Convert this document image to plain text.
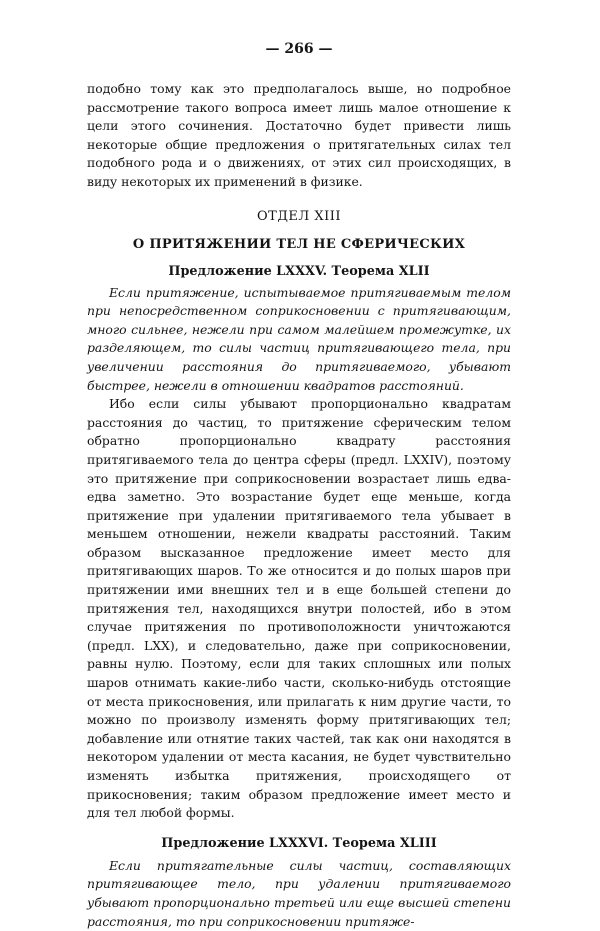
— 266 —

подобно тому как это предполагалось выше, но подробное рассмотрение такого вопроса имеет лишь малое отношение к цели этого сочинения. Достаточно будет привести лишь некоторые общие предложения о притягательных силах тел подобного рода и о движениях, от этих сил происходящих, в виду некоторых их применений в физике.

ОТДЕЛ XIII
О ПРИТЯЖЕНИИ ТЕЛ НЕ СФЕРИЧЕСКИХ
Предложение LXXXV. Теорема XLII

Если притяжение, испытываемое притягиваемым телом при непосредственном соприкосновении с притягивающим, много сильнее, нежели при самом малейшем промежутке, их разделяющем, то силы частиц притягивающего тела, при увеличении расстояния до притягиваемого, убывают быстрее, нежели в отношении квадратов расстояний.

Ибо если силы убывают пропорционально квадратам расстояния до частиц, то притяжение сферическим телом обратно пропорционально квадрату расстояния притягиваемого тела до центра сферы (предл. LXXIV), поэтому это притяжение при соприкосновении возрастает лишь едва-едва заметно. Это возрастание будет еще меньше, когда притяжение при удалении притягиваемого тела убывает в меньшем отношении, нежели квадраты расстояний. Таким образом высказанное предложение имеет место для притягивающих шаров. То же относится и до полых шаров при притяжении ими внешних тел и в еще большей степени до притяжения тел, находящихся внутри полостей, ибо в этом случае притяжения по противоположности уничтожаются (предл. LXX), и следовательно, даже при соприкосновении, равны нулю. Поэтому, если для таких сплошных или полых шаров отнимать какие-либо части, сколько-нибудь отстоящие от места прикосновения, или прилагать к ним другие части, то можно по произволу изменять форму притягивающих тел; добавление или отнятие таких частей, так как они находятся в некотором удалении от места касания, не будет чувствительно изменять избытка притяжения, происходящего от прикосновения; таким образом предложение имеет место и для тел любой формы.

Предложение LXXXVI. Теорема XLIII

Если притягательные силы частиц, составляющих притягивающее тело, при удалении притягиваемого убывают пропорционально третьей или еще высшей степени расстояния, то при соприкосновении притяже-
